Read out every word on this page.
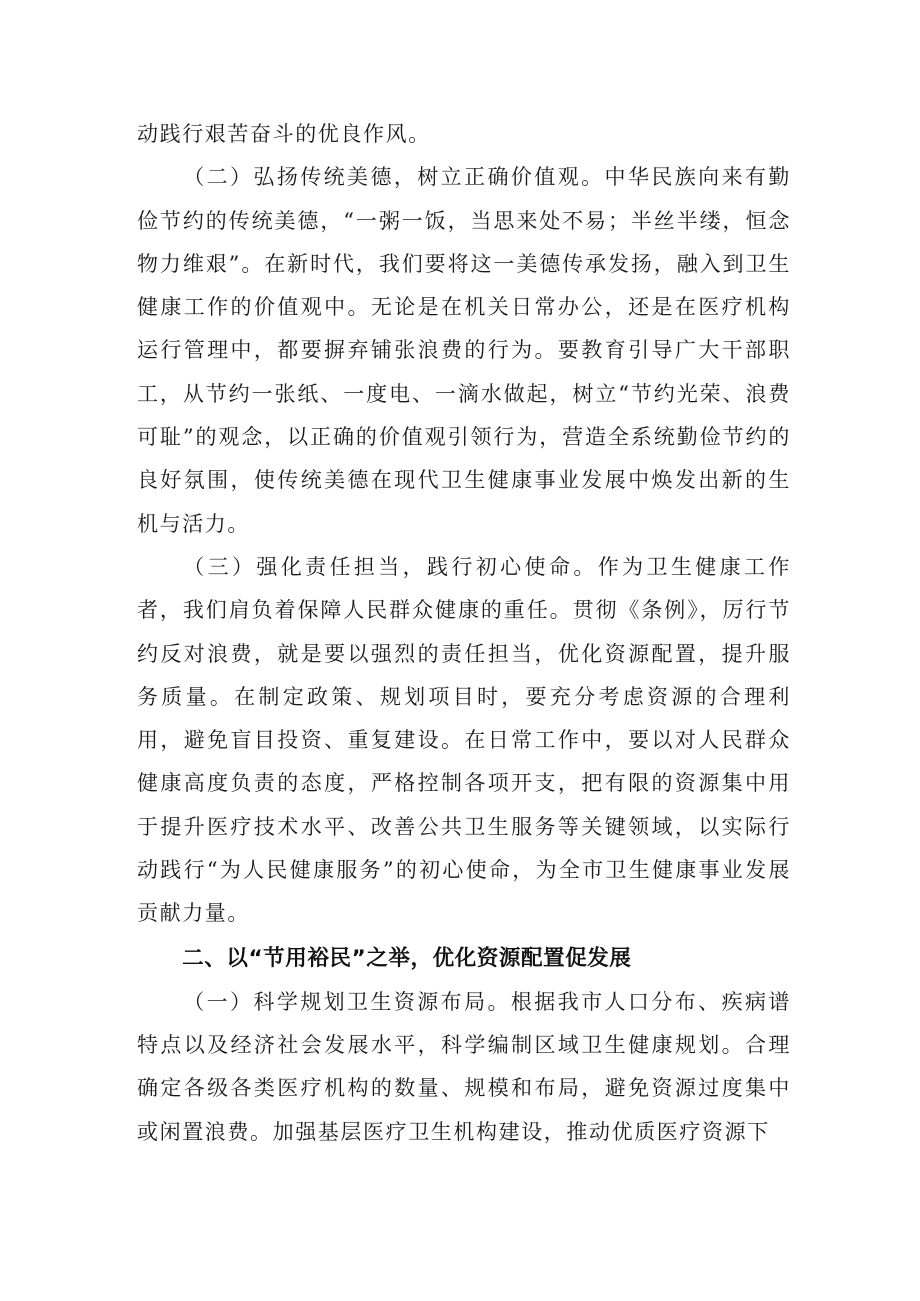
动践行艰苦奋斗的优良作风。

（二）弘扬传统美德，树立正确价值观。中华民族向来有勤俭节约的传统美德，“一粥一饭，当思来处不易；半丝半缕，恒念物力维艰”。在新时代，我们要将这一美德传承发扬，融入到卫生健康工作的价值观中。无论是在机关日常办公，还是在医疗机构运行管理中，都要摒弃铺张浪费的行为。要教育引导广大干部职工，从节约一张纸、一度电、一滴水做起，树立“节约光荣、浪费可耻”的观念，以正确的价值观引领行为，营造全系统勤俭节约的良好氛围，使传统美德在现代卫生健康事业发展中焕发出新的生机与活力。

（三）强化责任担当，践行初心使命。作为卫生健康工作者，我们肩负着保障人民群众健康的重任。贯彻《条例》，厉行节约反对浪费，就是要以强烈的责任担当，优化资源配置，提升服务质量。在制定政策、规划项目时，要充分考虑资源的合理利用，避免盲目投资、重复建设。在日常工作中，要以对人民群众健康高度负责的态度，严格控制各项开支，把有限的资源集中用于提升医疗技术水平、改善公共卫生服务等关键领域，以实际行动践行“为人民健康服务”的初心使命，为全市卫生健康事业发展贡献力量。

二、以“节用裕民”之举，优化资源配置促发展

（一）科学规划卫生资源布局。根据我市人口分布、疾病谱特点以及经济社会发展水平，科学编制区域卫生健康规划。合理确定各级各类医疗机构的数量、规模和布局，避免资源过度集中或闲置浪费。加强基层医疗卫生机构建设，推动优质医疗资源下
